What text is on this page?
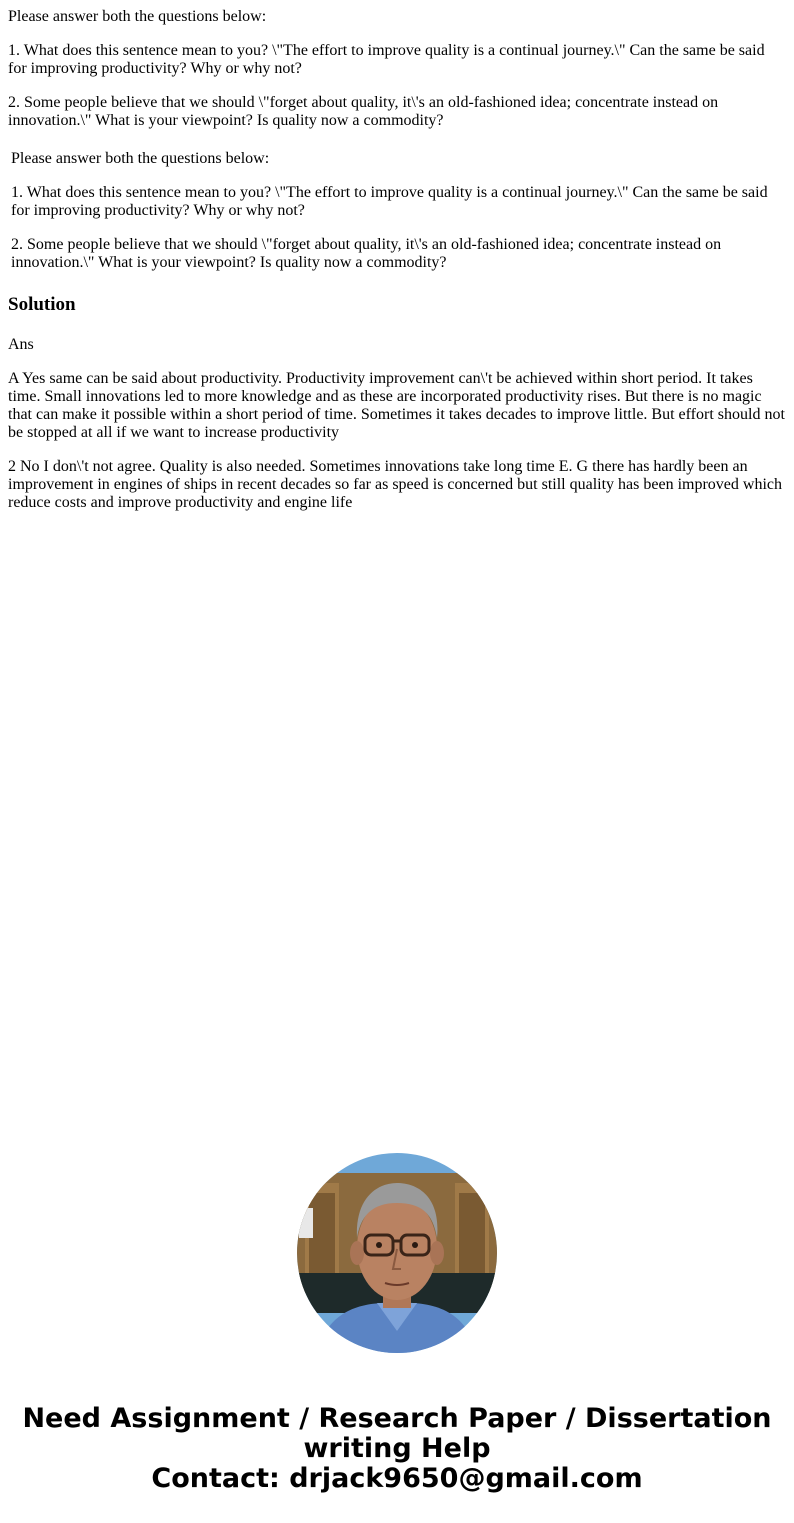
Please answer both the questions below:

1. What does this sentence mean to you? \"The effort to improve quality is a continual journey.\" Can the same be said for improving productivity? Why or why not?

2. Some people believe that we should \"forget about quality, it\'s an old-fashioned idea; concentrate instead on innovation.\" What is your viewpoint? Is quality now a commodity?

Please answer both the questions below:

1. What does this sentence mean to you? \"The effort to improve quality is a continual journey.\" Can the same be said for improving productivity? Why or why not?

2. Some people believe that we should \"forget about quality, it\'s an old-fashioned idea; concentrate instead on innovation.\" What is your viewpoint? Is quality now a commodity?

Solution

Ans

A Yes same can be said about productivity. Productivity improvement can\'t be achieved within short period. It takes time. Small innovations led to more knowledge and as these are incorporated productivity rises. But there is no magic that can make it possible within a short period of time. Sometimes it takes decades to improve little. But effort should not be stopped at all if we want to increase productivity

2 No I don\'t not agree. Quality is also needed. Sometimes innovations take long time E. G there has hardly been an improvement in engines of ships in recent decades so far as speed is concerned but still quality has been improved which reduce costs and improve productivity and engine life

Need Assignment / Research Paper / Dissertation
writing Help
Contact: drjack9650@gmail.com
